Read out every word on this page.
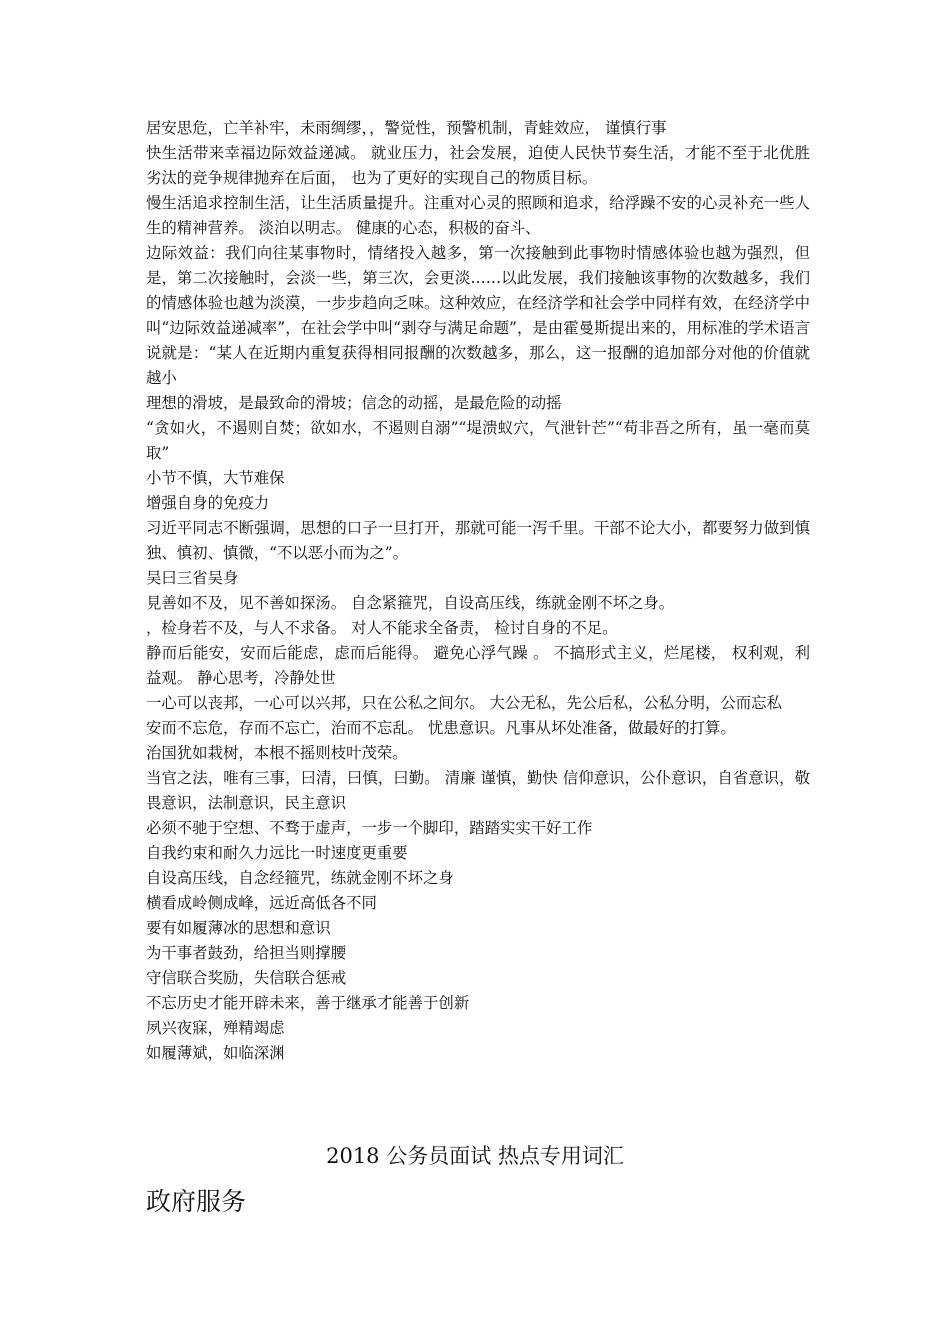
居安思危，亡羊补牢，未雨绸缪，，警觉性，预警机制，青蛙效应， 谨慎行事

快生活带来幸福边际效益递减。 就业压力，社会发展，迫使人民快节奏生活，才能不至于北优胜劣汰的竞争规律抛弃在后面， 也为了更好的实现自己的物质目标。

慢生活追求控制生活，让生活质量提升。注重对心灵的照顾和追求，给浮躁不安的心灵补充一些人生的精神营养。 淡泊以明志。 健康的心态，积极的奋斗、

边际效益：我们向往某事物时，情绪投入越多，第一次接触到此事物时情感体验也越为强烈，但是，第二次接触时，会淡一些，第三次，会更淡……以此发展，我们接触该事物的次数越多，我们的情感体验也越为淡漠，一步步趋向乏味。这种效应，在经济学和社会学中同样有效，在经济学中叫“边际效益递减率”，在社会学中叫“剥夺与满足命题”，是由霍曼斯提出来的，用标准的学术语言说就是：“某人在近期内重复获得相同报酬的次数越多，那么，这一报酬的追加部分对他的价值就越小

理想的滑坡，是最致命的滑坡；信念的动摇，是最危险的动摇

“贪如火，不遏则自焚；欲如水，不遏则自溺”“堤溃蚁穴，气泄针芒”“苟非吾之所有，虽一毫而莫取”

小节不慎，大节难保

增强自身的免疫力

习近平同志不断强调，思想的口子一旦打开，那就可能一泻千里。干部不论大小，都要努力做到慎独、慎初、慎微，“不以恶小而为之”。

吴曰三省吴身

見善如不及，见不善如探汤。 自念紧箍咒，自设高压线，练就金刚不坏之身。

，检身若不及，与人不求备。 对人不能求全备责， 检讨自身的不足。

静而后能安，安而后能虑，虑而后能得。 避免心浮气躁 。 不搞形式主义，烂尾楼， 权利观，利益观。 静心思考，冷静处世

一心可以丧邦，一心可以兴邦，只在公私之间尔。 大公无私，先公后私，公私分明，公而忘私

安而不忘危，存而不忘亡，治而不忘乱。 忧患意识。凡事从坏处准备，做最好的打算。

治国犹如栽树，本根不摇则枝叶茂荣。

当官之法，唯有三事，曰清，曰慎，曰勤。 清廉 谨慎，勤快 信仰意识，公仆意识，自省意识，敬畏意识，法制意识，民主意识

必须不驰于空想、不骛于虚声，一步一个脚印，踏踏实实干好工作

自我约束和耐久力远比一时速度更重要

自设高压线，自念经箍咒，练就金刚不坏之身

横看成岭侧成峰，远近高低各不同

要有如履薄冰的思想和意识

为干事者鼓劲，给担当则撑腰

守信联合奖励，失信联合惩戒

不忘历史才能开辟未来，善于继承才能善于创新

夙兴夜寐，殚精竭虑

如履薄斌，如临深渊

2018 公务员面试 热点专用词汇
政府服务
